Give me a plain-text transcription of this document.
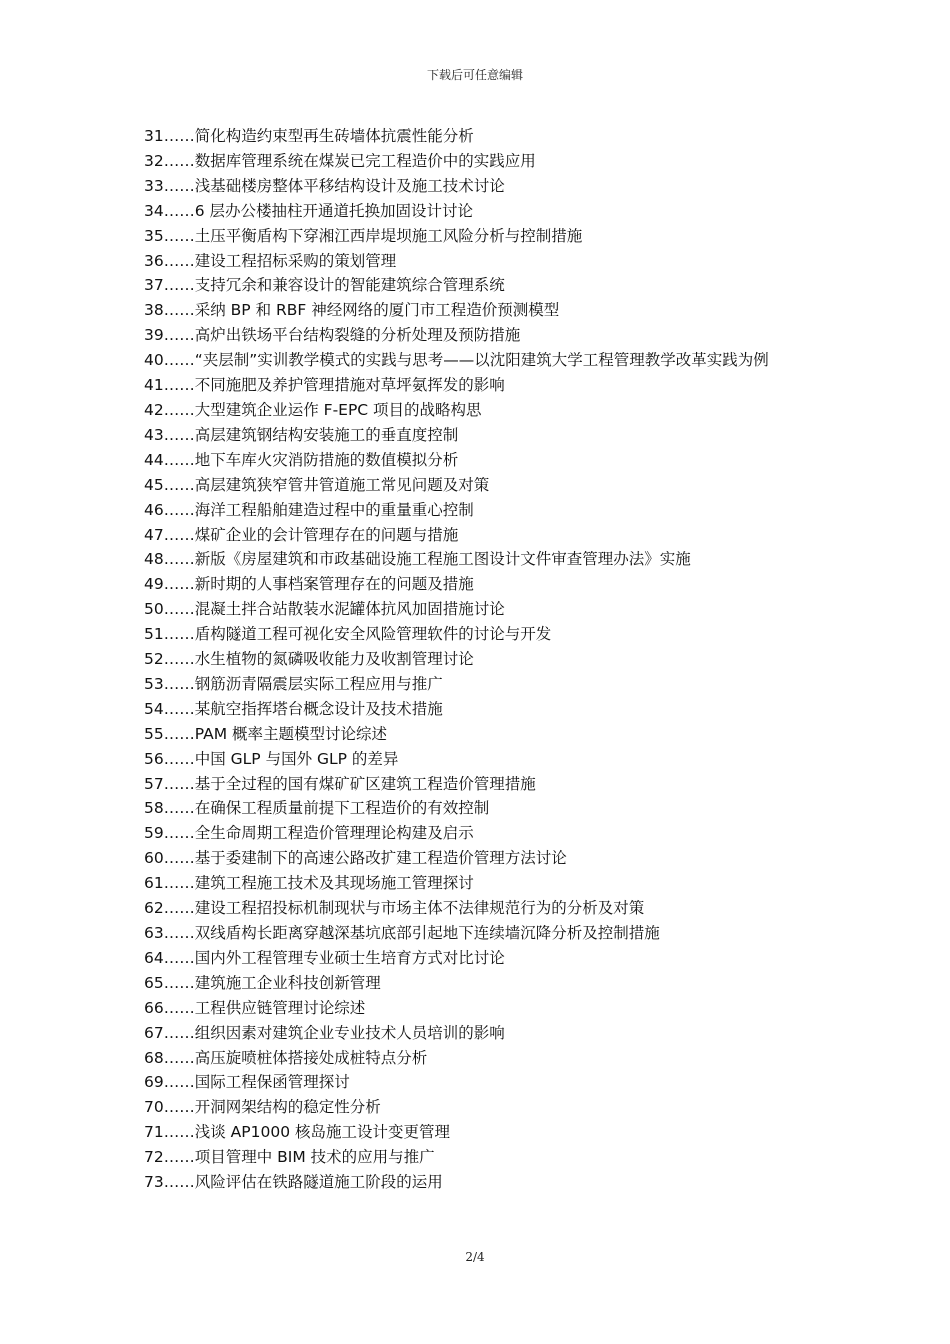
下载后可任意编辑
31……简化构造约束型再生砖墙体抗震性能分析
32……数据库管理系统在煤炭已完工程造价中的实践应用
33……浅基础楼房整体平移结构设计及施工技术讨论
34……6 层办公楼抽柱开通道托换加固设计讨论
35……土压平衡盾构下穿湘江西岸堤坝施工风险分析与控制措施
36……建设工程招标采购的策划管理
37……支持冗余和兼容设计的智能建筑综合管理系统
38……采纳 BP 和 RBF 神经网络的厦门市工程造价预测模型
39……高炉出铁场平台结构裂缝的分析处理及预防措施
40……“夹层制”实训教学模式的实践与思考——以沈阳建筑大学工程管理教学改革实践为例
41……不同施肥及养护管理措施对草坪氨挥发的影响
42……大型建筑企业运作 F-EPC 项目的战略构思
43……高层建筑钢结构安装施工的垂直度控制
44……地下车库火灾消防措施的数值模拟分析
45……高层建筑狭窄管井管道施工常见问题及对策
46……海洋工程船舶建造过程中的重量重心控制
47……煤矿企业的会计管理存在的问题与措施
48……新版《房屋建筑和市政基础设施工程施工图设计文件审查管理办法》实施
49……新时期的人事档案管理存在的问题及措施
50……混凝土拌合站散装水泥罐体抗风加固措施讨论
51……盾构隧道工程可视化安全风险管理软件的讨论与开发
52……水生植物的氮磷吸收能力及收割管理讨论
53……钢筋沥青隔震层实际工程应用与推广
54……某航空指挥塔台概念设计及技术措施
55……PAM 概率主题模型讨论综述
56……中国 GLP 与国外 GLP 的差异
57……基于全过程的国有煤矿矿区建筑工程造价管理措施
58……在确保工程质量前提下工程造价的有效控制
59……全生命周期工程造价管理理论构建及启示
60……基于委建制下的高速公路改扩建工程造价管理方法讨论
61……建筑工程施工技术及其现场施工管理探讨
62……建设工程招投标机制现状与市场主体不法律规范行为的分析及对策
63……双线盾构长距离穿越深基坑底部引起地下连续墙沉降分析及控制措施
64……国内外工程管理专业硕士生培育方式对比讨论
65……建筑施工企业科技创新管理
66……工程供应链管理讨论综述
67……组织因素对建筑企业专业技术人员培训的影响
68……高压旋喷桩体搭接处成桩特点分析
69……国际工程保函管理探讨
70……开洞网架结构的稳定性分析
71……浅谈 AP1000 核岛施工设计变更管理
72……项目管理中 BIM 技术的应用与推广
73……风险评估在铁路隧道施工阶段的运用
2/4
